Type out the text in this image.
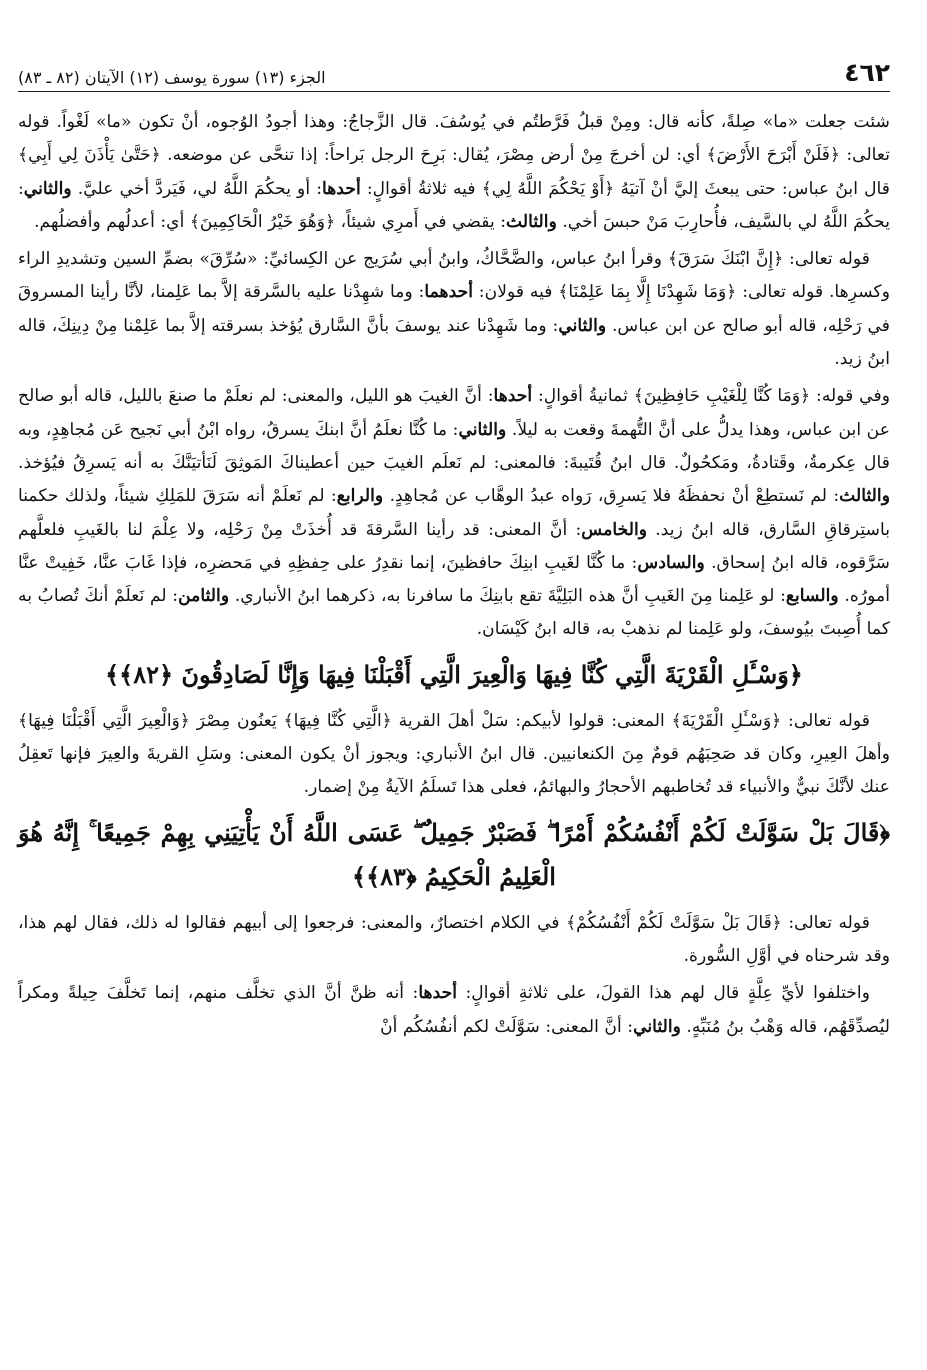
٤٦٢
الجزء (١٣) سورة يوسف (١٢) الآيتان (٨٢ ـ ٨٣)

شئت جعلت «ما» صِلةً، كأنه قال: ومِنْ قبلُ فَرَّطتُم في يُوسُفَ. قال الزَّجاجُ: وهذا أجودُ الوُجوه، أنْ تكون «ما» لَغْواً. قوله تعالى: ﴿فَلَنْ أَبْرَحَ الأَرْضَ﴾ أي: لن أخرجَ مِنْ أرض مِصْرَ، يُقال: بَرِحَ الرجل بَراحاً: إذا تنحَّى عن موضعه. ﴿حَتَّىٰ يَأْذَنَ لِي أَبِي﴾ قال ابنُ عباس: حتى يبعثَ إليَّ أنْ آتيَهُ ﴿أَوْ يَحْكُمَ اللَّهُ لِي﴾ فيه ثلاثةُ أقوالٍ: أحدها: أو يحكُمَ اللَّهُ لي، فَيَردَّ أخي عليَّ. والثاني: يحكُمَ اللَّهُ لي بالسَّيف، فأُحارِبَ مَنْ حبسَ أخي. والثالث: يقضي في أَمرِي شيئاً، ﴿وَهُوَ خَيْرُ الْحَاكِمِينَ﴾ أي: أعدلُهم وأفضلُهم.

قوله تعالى: ﴿إِنَّ ابْنَكَ سَرَقَ﴾ وقرأ ابنُ عباس، والضَّحَّاكُ، وابنُ أبي سُرَيج عن الكِسائيِّ: «سُرِّقَ» بضمِّ السين وتشديدِ الراء وكسرِها. قوله تعالى: ﴿وَمَا شَهِدْنَا إِلَّا بِمَا عَلِمْنَا﴾ فيه قولان: أحدهما: وما شهِدْنا عليه بالسَّرقة إلاَّ بما عَلِمنا، لأنَّا رأينا المسروقَ في رَحْلِه، قاله أبو صالح عن ابن عباس. والثاني: وما شَهِدْنا عند يوسفَ بأنَّ السَّارق يُؤخذ بسرقته إلاَّ بما عَلِمْنا مِنْ دِينِكَ، قاله ابنُ زيد.

وفي قوله: ﴿وَمَا كُنَّا لِلْغَيْبِ حَافِظِينَ﴾ ثمانيةُ أقوالٍ: أحدها: أنَّ الغيبَ هو الليل، والمعنى: لم نعلَمْ ما صنعَ بالليل، قاله أبو صالح عن ابن عباس، وهذا يدلُّ على أنَّ التُّهمةَ وقعت به ليلاً. والثاني: ما كُنَّا نعلَمُ أنَّ ابنكَ يسرقُ، رواه ابْنُ أبي نَجيح عَن مُجاهِدٍ، وبه قال عِكرمةُ، وقَتادةُ، ومَكحُولٌ. قال ابنُ قُتَيبةَ: فالمعنى: لم نَعلَم الغيبَ حين أعطيناكَ المَوثِقَ لَنَأتيَنَّكَ به أنه يَسرِقُ فيُؤخذ. والثالث: لم نَستطِعْ أنْ نحفظَهُ فلا يَسرِق، رَواه عبدُ الوهَّاب عن مُجاهِدٍ. والرابع: لم نَعلَمْ أنه سَرَقَ للمَلِكِ شيئاً، ولذلك حكمنا باستِرقاقِ السَّارق، قاله ابنُ زيد. والخامس: أنَّ المعنى: قد رأينا السَّرقةَ قد أُخذَتْ مِنْ رَحْلِه، ولا عِلْمَ لنا بالغَيبِ فلعلَّهم سَرَّقوه، قاله ابنُ إسحاق. والسادس: ما كُنَّا لغَيبِ ابنِكَ حافظينَ، إنما نقدِرُ على حِفظِهِ في مَحضرِه، فإذا غَابَ عنَّا، خَفِيتْ عنَّا أمورُه. والسابع: لو عَلِمنا مِنَ الغَيبِ أنَّ هذه البَلِيَّةَ تقع بابنِكَ ما سافرنا به، ذكرهما ابنُ الأنباري. والثامن: لم نَعلَمْ أنكَ تُصابُ به كما أُصِبتَ بيُوسفَ، ولو عَلِمنا لم نذهبْ به، قاله ابنُ كَيْسَان.

﴿وَسْـَٔلِ الْقَرْيَةَ الَّتِي كُنَّا فِيهَا وَالْعِيرَ الَّتِي أَقْبَلْنَا فِيهَا وَإِنَّا لَصَادِقُونَ ﴿٨٢﴾﴾

قوله تعالى: ﴿وَسْـَٔلِ الْقَرْيَةَ﴾ المعنى: قولوا لأبيكم: سَلْ أهلَ القرية ﴿الَّتِي كُنَّا فِيهَا﴾ يَعنُون مِصْرَ ﴿وَالْعِيرَ الَّتِي أَقْبَلْنَا فِيهَا﴾ وأهلَ العِيرِ، وكان قد صَحِبَهُم قومٌ مِنَ الكنعانيين. قال ابنُ الأنباري: ويجوز أنْ يكون المعنى: وسَلِ القريةَ والعِيرَ فإنها تَعقِلُ عنك لأنَّكَ نبيٌّ والأنبياء قد تُخاطبهم الأحجارُ والبهائمُ، فعلى هذا تَسلَمُ الآيةُ مِنْ إضمار.

﴿قَالَ بَلْ سَوَّلَتْ لَكُمْ أَنْفُسُكُمْ أَمْرًا ۖ فَصَبْرٌ جَمِيلٌ ۖ عَسَى اللَّهُ أَنْ يَأْتِيَنِي بِهِمْ جَمِيعًا ۚ إِنَّهُ هُوَ الْعَلِيمُ الْحَكِيمُ ﴿٨٣﴾﴾

قوله تعالى: ﴿قَالَ بَلْ سَوَّلَتْ لَكُمْ أَنْفُسُكُمْ﴾ في الكلام اختصارٌ، والمعنى: فرجعوا إلى أبيهم فقالوا له ذلك، فقال لهم هذا، وقد شرحناه في أوَّلِ السُّورة.

واختلفوا لأيِّ عِلَّةٍ قال لهم هذا القولَ، على ثلاثةِ أقوالٍ: أحدها: أنه ظنَّ أنَّ الذي تخلَّف منهم، إنما تَخلَّفَ حِيلةً ومكراً ليُصدِّقَهُم، قاله وَهْبُ بنُ مُنَبِّهٍ. والثاني: أنَّ المعنى: سَوَّلَتْ لكم أنفُسُكُم أنْ
